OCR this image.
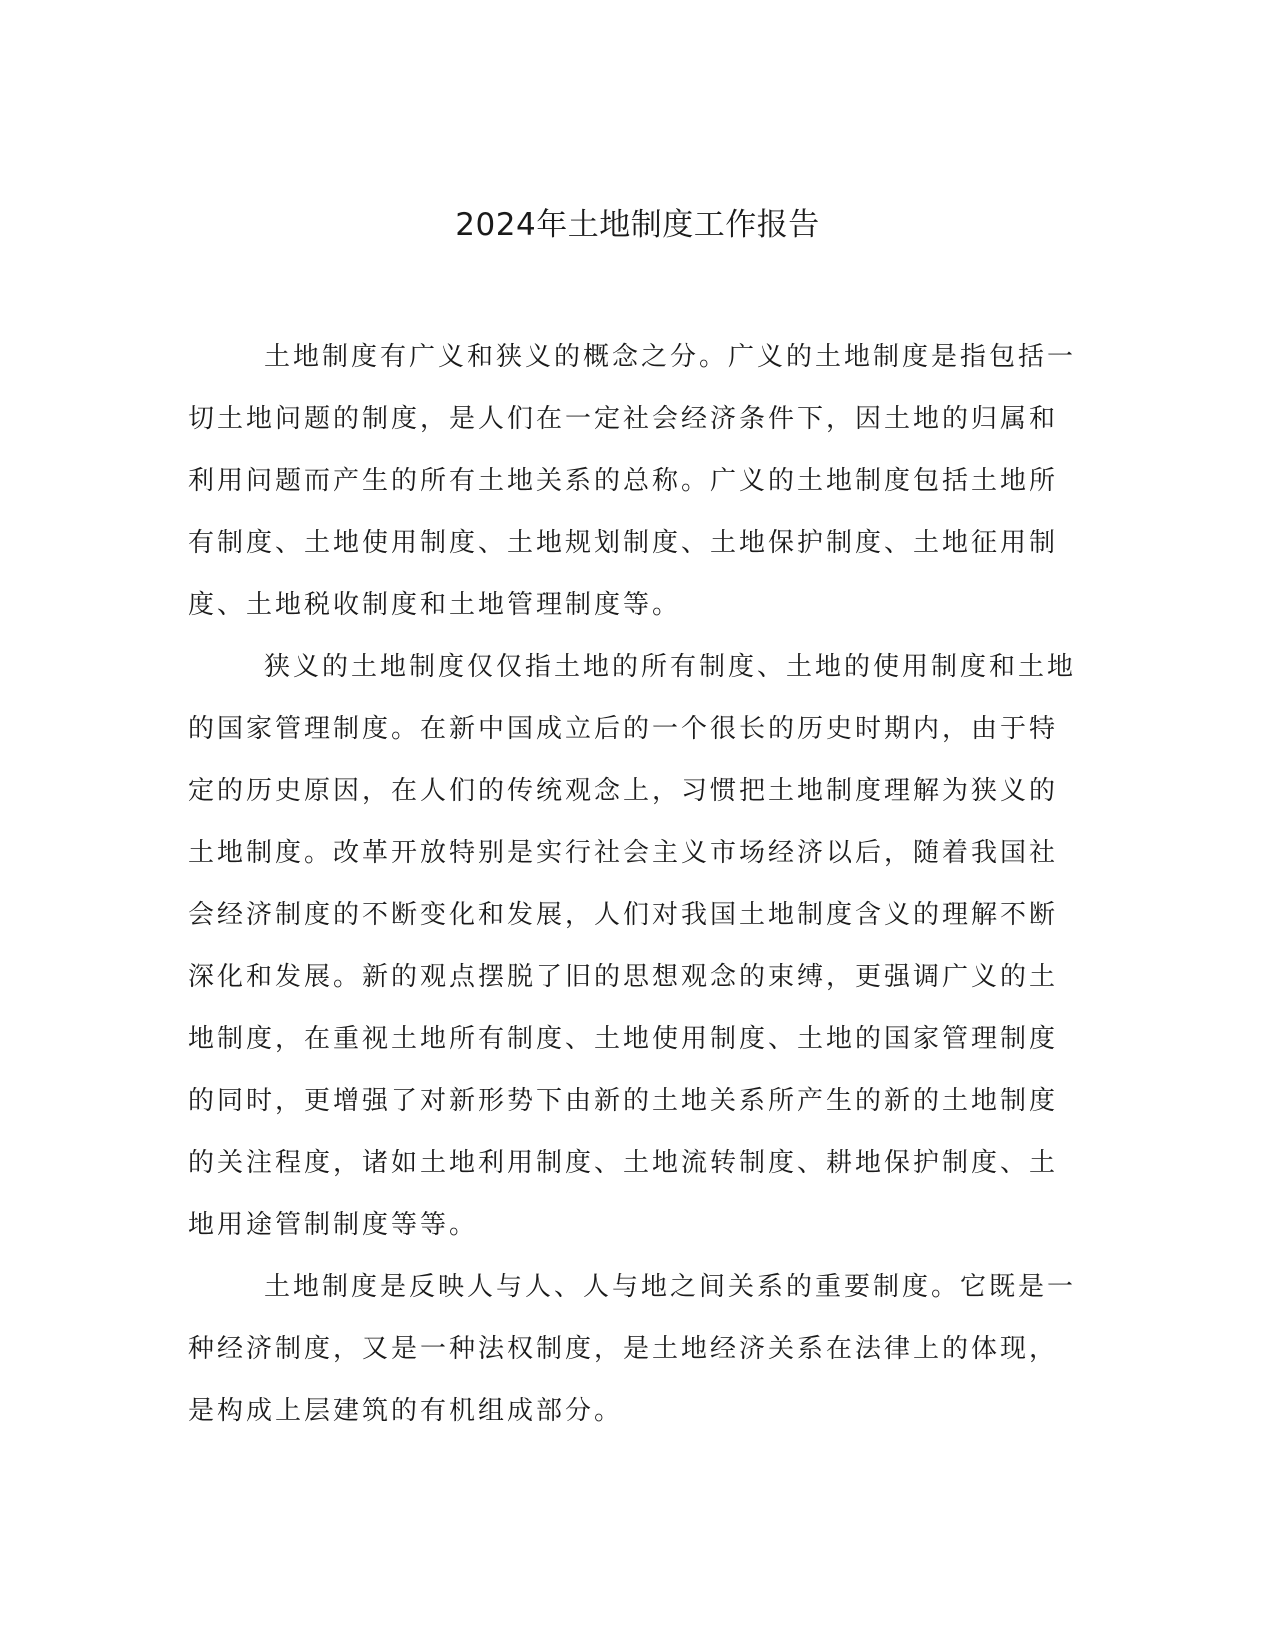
2024年土地制度工作报告

土地制度有广义和狭义的概念之分。广义的土地制度是指包括一
切土地问题的制度，是人们在一定社会经济条件下，因土地的归属和
利用问题而产生的所有土地关系的总称。广义的土地制度包括土地所
有制度、土地使用制度、土地规划制度、土地保护制度、土地征用制
度、土地税收制度和土地管理制度等。

狭义的土地制度仅仅指土地的所有制度、土地的使用制度和土地
的国家管理制度。在新中国成立后的一个很长的历史时期内，由于特
定的历史原因，在人们的传统观念上，习惯把土地制度理解为狭义的
土地制度。改革开放特别是实行社会主义市场经济以后，随着我国社
会经济制度的不断变化和发展，人们对我国土地制度含义的理解不断
深化和发展。新的观点摆脱了旧的思想观念的束缚，更强调广义的土
地制度，在重视土地所有制度、土地使用制度、土地的国家管理制度
的同时，更增强了对新形势下由新的土地关系所产生的新的土地制度
的关注程度，诸如土地利用制度、土地流转制度、耕地保护制度、土
地用途管制制度等等。

土地制度是反映人与人、人与地之间关系的重要制度。它既是一
种经济制度，又是一种法权制度，是土地经济关系在法律上的体现，
是构成上层建筑的有机组成部分。
